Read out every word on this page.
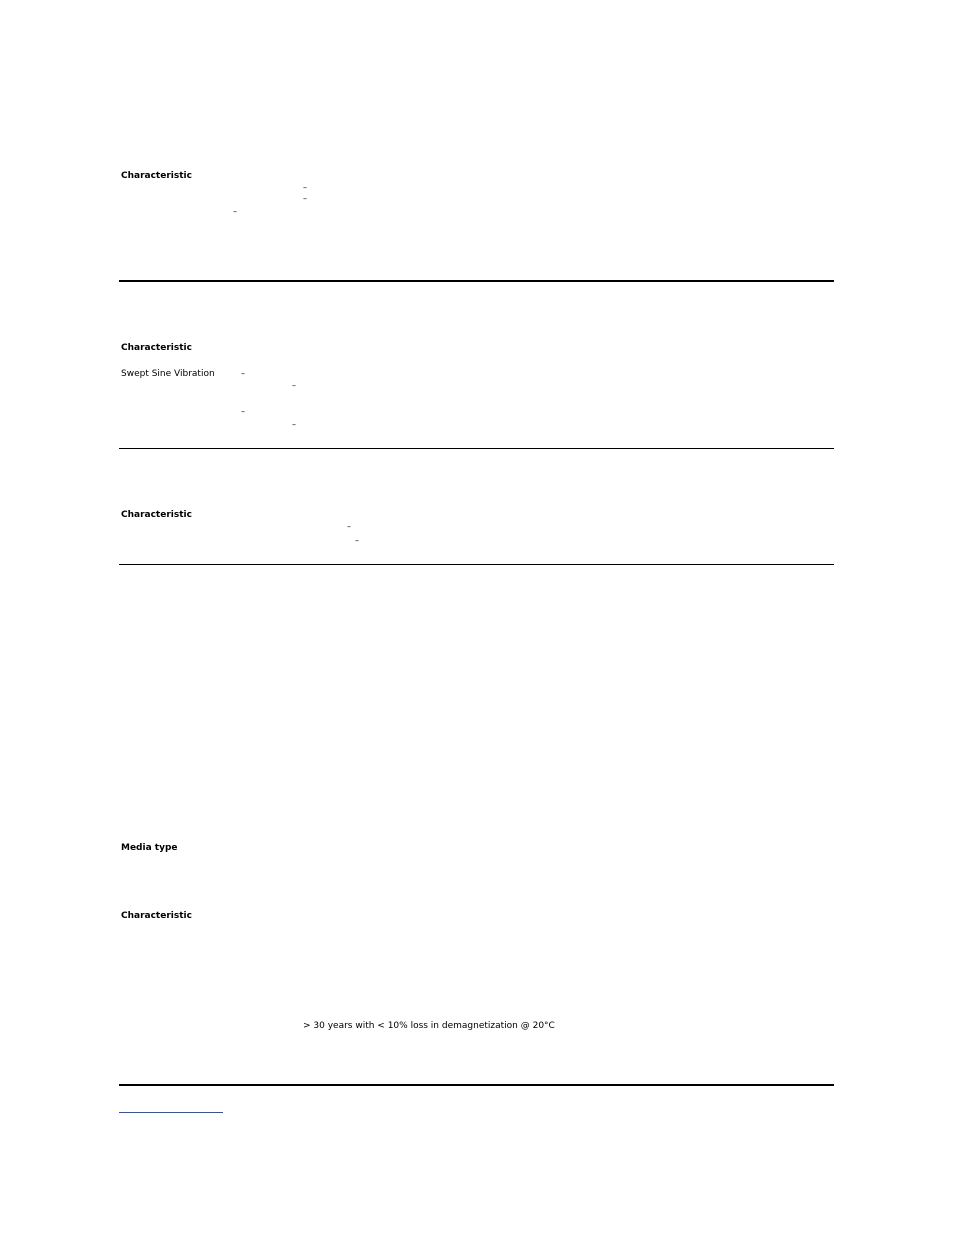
Characteristic
–
–
–
Characteristic
Swept Sine Vibration	–
–
–
–
Characteristic
–
–
Media type
Characteristic
> 30 years with < 10% loss in demagnetization @ 20°C
